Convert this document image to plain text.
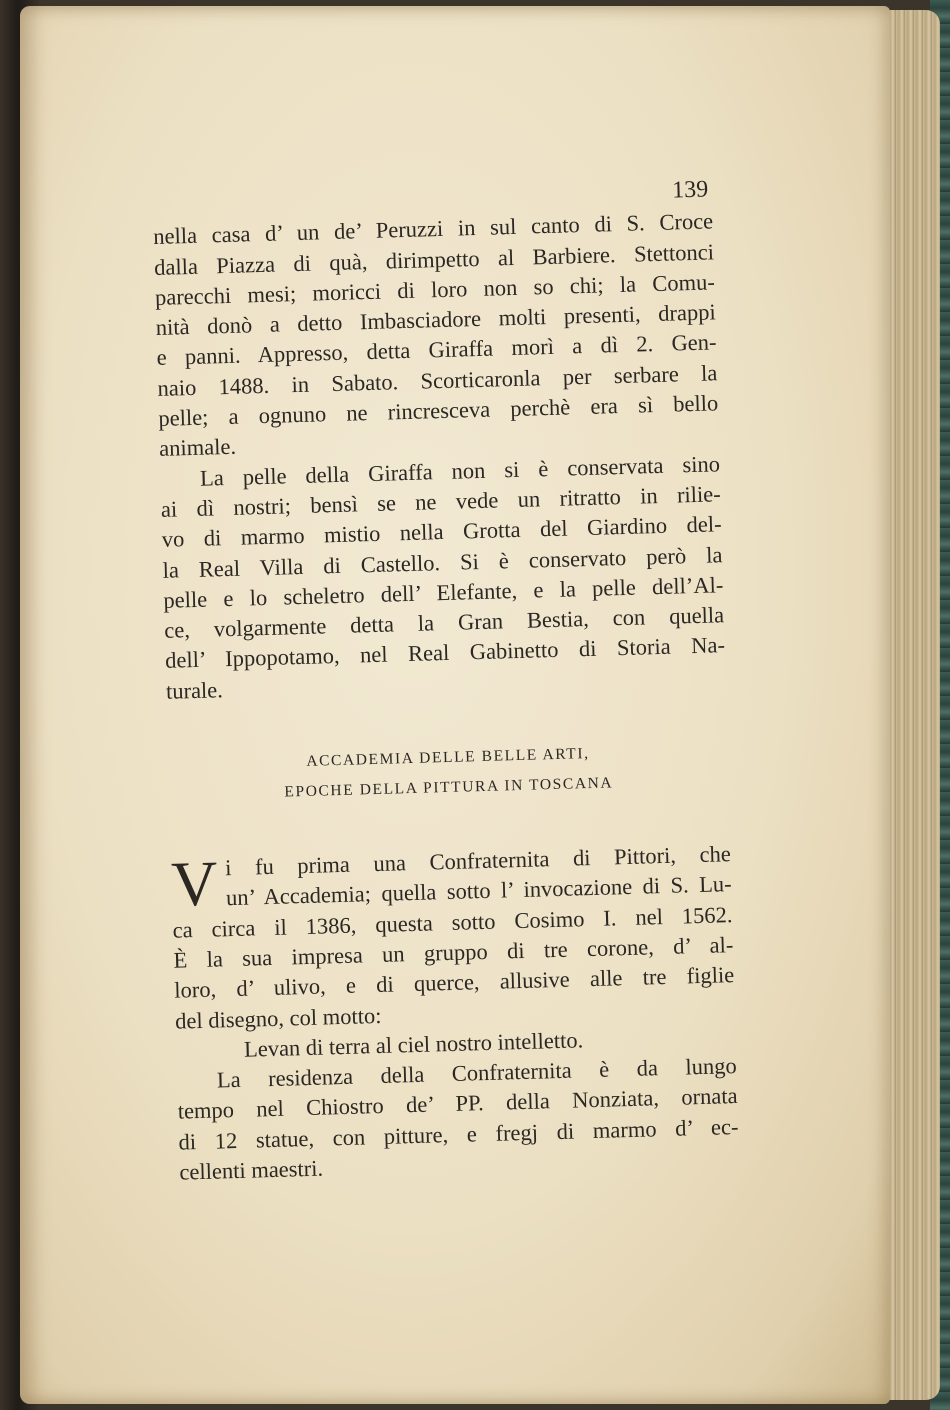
139

nella casa d’ un de’ Peruzzi in sul canto di S. Croce
dalla Piazza di quà, dirimpetto al Barbiere. Stettonci
parecchi mesi; moricci di loro non so chi; la Comu-
nità donò a detto Imbasciadore molti presenti, drappi
e panni. Appresso, detta Giraffa morì a dì 2. Gen-
naio 1488. in Sabato. Scorticaronla per serbare la
pelle; a ognuno ne rincresceva perchè era sì bello
animale.

La pelle della Giraffa non si è conservata sino
ai dì nostri; bensì se ne vede un ritratto in rilie-
vo di marmo mistio nella Grotta del Giardino del-
la Real Villa di Castello. Si è conservato però la
pelle e lo scheletro dell’ Elefante, e la pelle dell’Al-
ce, volgarmente detta la Gran Bestia, con quella
dell’ Ippopotamo, nel Real Gabinetto di Storia Na-
turale.

ACCADEMIA DELLE BELLE ARTI,

EPOCHE DELLA PITTURA IN TOSCANA

V i fu prima una Confraternita di Pittori, che
un’ Accademia; quella sotto l’ invocazione di S. Lu-
ca circa il 1386, questa sotto Cosimo I. nel 1562.
È la sua impresa un gruppo di tre corone, d’ al-
loro, d’ ulivo, e di querce, allusive alle tre figlie
del disegno, col motto:
Levan di terra al ciel nostro intelletto.

La residenza della Confraternita è da lungo
tempo nel Chiostro de’ PP. della Nonziata, ornata
di 12 statue, con pitture, e fregj di marmo d’ ec-
cellenti maestri.
